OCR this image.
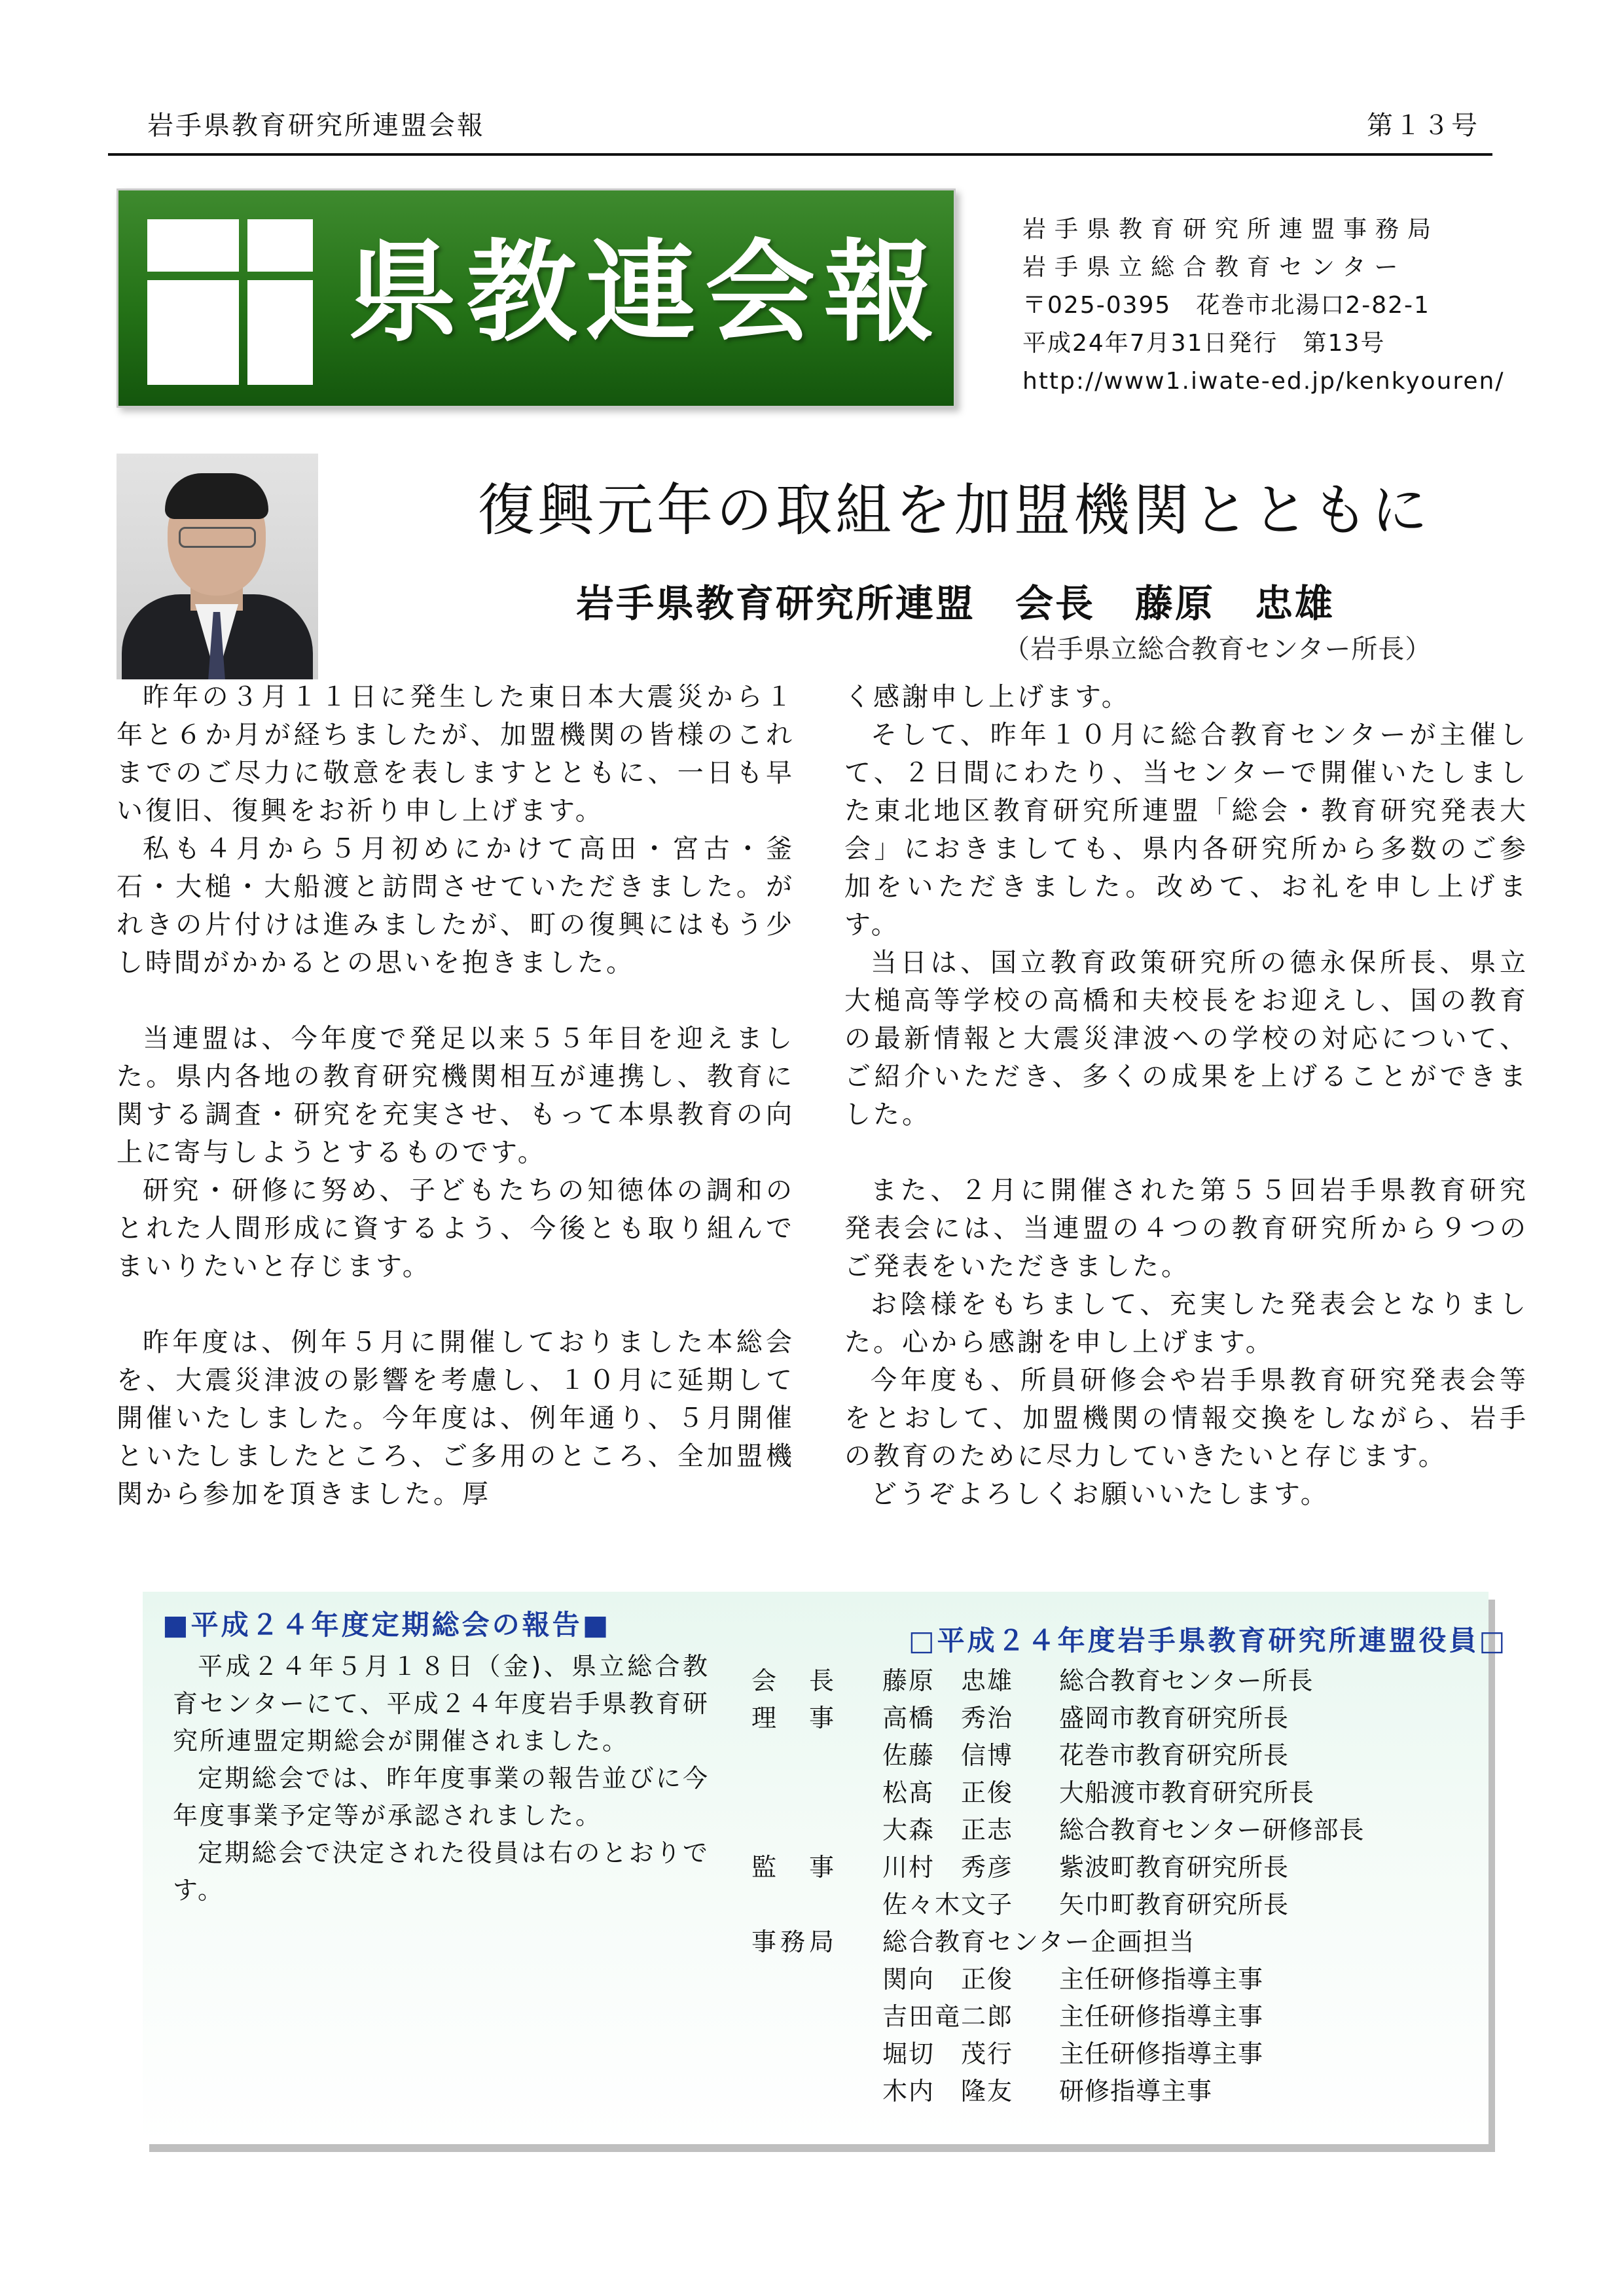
岩手県教育研究所連盟会報	第１３号
県教連会報	岩手県教育研究所連盟事務局
岩手県立総合教育センター
〒025-0395　花巻市北湯口2-82-1
平成24年7月31日発行　第13号
http://www1.iwate-ed.jp/kenkyouren/
復興元年の取組を加盟機関とともに
岩手県教育研究所連盟　会長　藤原　忠雄
（岩手県立総合教育センター所長）

昨年の３月１１日に発生した東日本大震災から１年と６か月が経ちましたが、加盟機関の皆様のこれまでのご尽力に敬意を表しますとともに、一日も早い復旧、復興をお祈り申し上げます。

私も４月から５月初めにかけて高田・宮古・釜石・大槌・大船渡と訪問させていただきました。がれきの片付けは進みましたが、町の復興にはもう少し時間がかかるとの思いを抱きました。

当連盟は、今年度で発足以来５５年目を迎えました。県内各地の教育研究機関相互が連携し、教育に関する調査・研究を充実させ、もって本県教育の向上に寄与しようとするものです。

研究・研修に努め、子どもたちの知徳体の調和のとれた人間形成に資するよう、今後とも取り組んでまいりたいと存じます。

昨年度は、例年５月に開催しておりました本総会を、大震災津波の影響を考慮し、１０月に延期して開催いたしました。今年度は、例年通り、５月開催といたしましたところ、ご多用のところ、全加盟機関から参加を頂きました。厚

く感謝申し上げます。

そして、昨年１０月に総合教育センターが主催して、２日間にわたり、当センターで開催いたしました東北地区教育研究所連盟「総会・教育研究発表大会」におきましても、県内各研究所から多数のご参加をいただきました。改めて、お礼を申し上げます。

当日は、国立教育政策研究所の德永保所長、県立大槌高等学校の高橋和夫校長をお迎えし、国の教育の最新情報と大震災津波への学校の対応について、ご紹介いただき、多くの成果を上げることができました。

また、２月に開催された第５５回岩手県教育研究発表会には、当連盟の４つの教育研究所から９つのご発表をいただきました。

お陰様をもちまして、充実した発表会となりました。心から感謝を申し上げます。

今年度も、所員研修会や岩手県教育研究発表会等をとおして、加盟機関の情報交換をしながら、岩手の教育のために尽力していきたいと存じます。

どうぞよろしくお願いいたします。

■平成２４年度定期総会の報告■

平成２４年５月１８日（金)、県立総合教育センターにて、平成２４年度岩手県教育研究所連盟定期総会が開催されました。

定期総会では、昨年度事業の報告並びに今年度事業予定等が承認されました。

定期総会で決定された役員は右のとおりです。

□平成２４年度岩手県教育研究所連盟役員□
会　長 藤原　忠雄 総合教育センター所長
理　事 高橋　秀治 盛岡市教育研究所長
佐藤　信博 花巻市教育研究所長
松髙　正俊 大船渡市教育研究所長
大森　正志 総合教育センター研修部長
監　事 川村　秀彦 紫波町教育研究所長
佐々木文子 矢巾町教育研究所長
事務局 総合教育センター企画担当
関向　正俊 主任研修指導主事
吉田竜二郎 主任研修指導主事
堀切　茂行 主任研修指導主事
木内　隆友 研修指導主事
